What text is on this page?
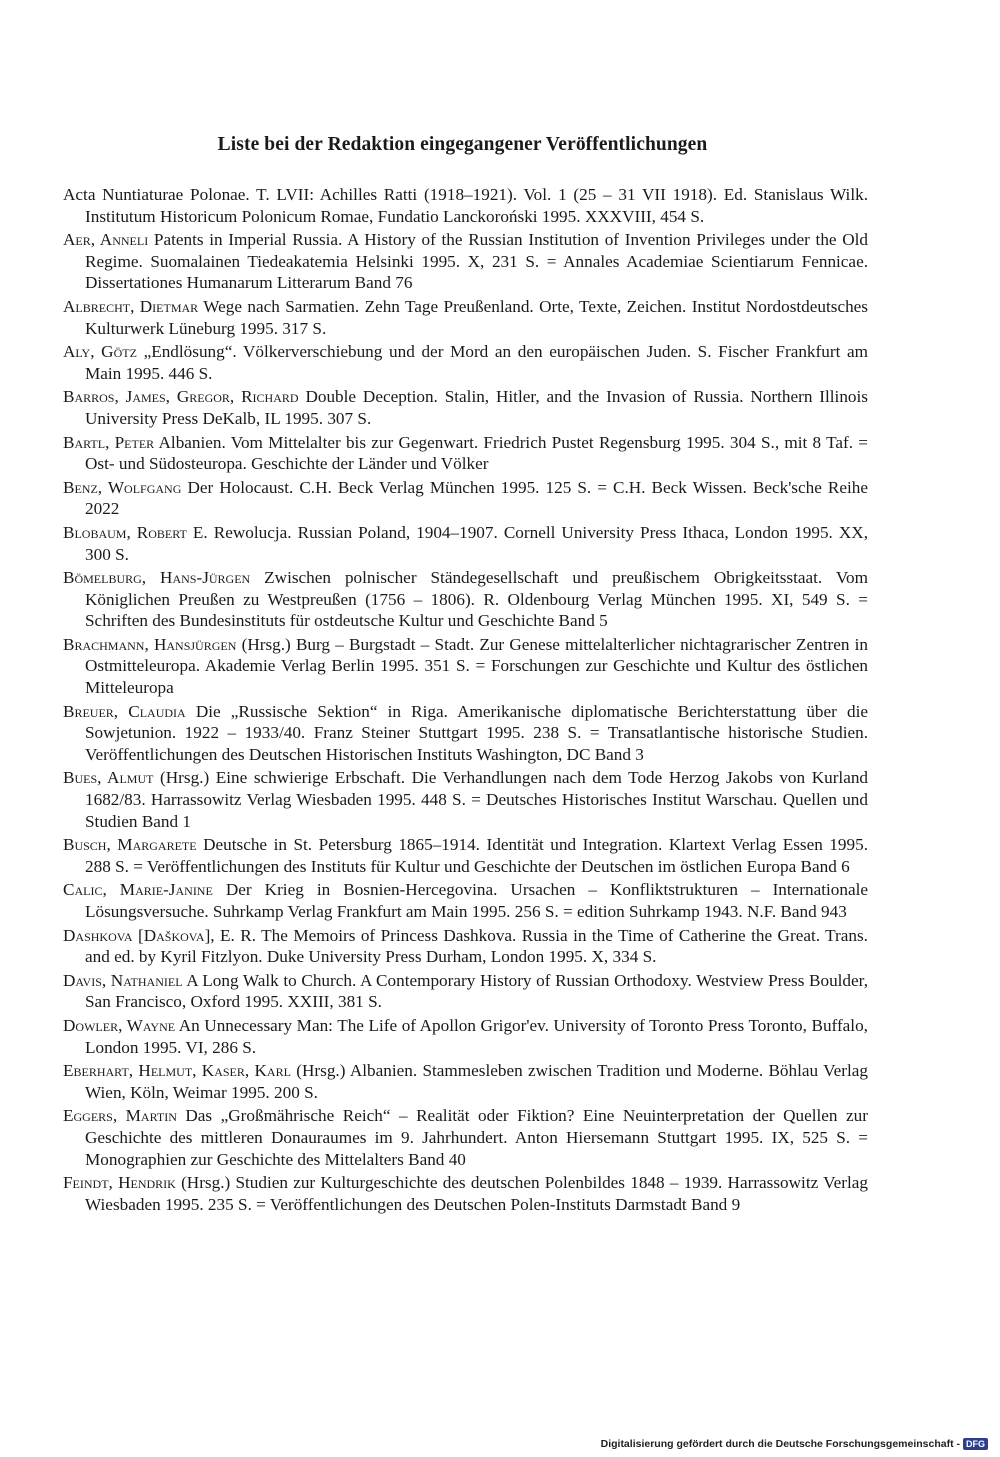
Liste bei der Redaktion eingegangener Veröffentlichungen
Acta Nuntiaturae Polonae. T. LVII: Achilles Ratti (1918–1921). Vol. 1 (25 – 31 VII 1918). Ed. Stanislaus Wilk. Institutum Historicum Polonicum Romae, Fundatio Lanckoroński 1995. XXXVIII, 454 S.
Aer, Anneli Patents in Imperial Russia. A History of the Russian Institution of Invention Privileges under the Old Regime. Suomalainen Tiedeakatemia Helsinki 1995. X, 231 S. = Annales Academiae Scientiarum Fennicae. Dissertationes Humanarum Litterarum Band 76
Albrecht, Dietmar Wege nach Sarmatien. Zehn Tage Preußenland. Orte, Texte, Zeichen. Institut Nordostdeutsches Kulturwerk Lüneburg 1995. 317 S.
Aly, Götz „Endlösung“. Völkerverschiebung und der Mord an den europäischen Juden. S. Fischer Frankfurt am Main 1995. 446 S.
Barros, James, Gregor, Richard Double Deception. Stalin, Hitler, and the Invasion of Russia. Northern Illinois University Press DeKalb, IL 1995. 307 S.
Bartl, Peter Albanien. Vom Mittelalter bis zur Gegenwart. Friedrich Pustet Regensburg 1995. 304 S., mit 8 Taf. = Ost- und Südosteuropa. Geschichte der Länder und Völker
Benz, Wolfgang Der Holocaust. C.H. Beck Verlag München 1995. 125 S. = C.H. Beck Wissen. Beck'sche Reihe 2022
Blobaum, Robert E. Rewolucja. Russian Poland, 1904–1907. Cornell University Press Ithaca, London 1995. XX, 300 S.
Bömelburg, Hans-Jürgen Zwischen polnischer Ständegesellschaft und preußischem Obrigkeitsstaat. Vom Königlichen Preußen zu Westpreußen (1756 – 1806). R. Oldenbourg Verlag München 1995. XI, 549 S. = Schriften des Bundesinstituts für ostdeutsche Kultur und Geschichte Band 5
Brachmann, Hansjürgen (Hrsg.) Burg – Burgstadt – Stadt. Zur Genese mittelalterlicher nichtagrarischer Zentren in Ostmitteleuropa. Akademie Verlag Berlin 1995. 351 S. = Forschungen zur Geschichte und Kultur des östlichen Mitteleuropa
Breuer, Claudia Die „Russische Sektion“ in Riga. Amerikanische diplomatische Berichterstattung über die Sowjetunion. 1922 – 1933/40. Franz Steiner Stuttgart 1995. 238 S. = Transatlantische historische Studien. Veröffentlichungen des Deutschen Historischen Instituts Washington, DC Band 3
Bues, Almut (Hrsg.) Eine schwierige Erbschaft. Die Verhandlungen nach dem Tode Herzog Jakobs von Kurland 1682/83. Harrassowitz Verlag Wiesbaden 1995. 448 S. = Deutsches Historisches Institut Warschau. Quellen und Studien Band 1
Busch, Margarete Deutsche in St. Petersburg 1865–1914. Identität und Integration. Klartext Verlag Essen 1995. 288 S. = Veröffentlichungen des Instituts für Kultur und Geschichte der Deutschen im östlichen Europa Band 6
Calic, Marie-Janine Der Krieg in Bosnien-Hercegovina. Ursachen – Konfliktstrukturen – Internationale Lösungsversuche. Suhrkamp Verlag Frankfurt am Main 1995. 256 S. = edition Suhrkamp 1943. N.F. Band 943
Dashkova [Daškova], E. R. The Memoirs of Princess Dashkova. Russia in the Time of Catherine the Great. Trans. and ed. by Kyril Fitzlyon. Duke University Press Durham, London 1995. X, 334 S.
Davis, Nathaniel A Long Walk to Church. A Contemporary History of Russian Orthodoxy. Westview Press Boulder, San Francisco, Oxford 1995. XXIII, 381 S.
Dowler, Wayne An Unnecessary Man: The Life of Apollon Grigor'ev. University of Toronto Press Toronto, Buffalo, London 1995. VI, 286 S.
Eberhart, Helmut, Kaser, Karl (Hrsg.) Albanien. Stammesleben zwischen Tradition und Moderne. Böhlau Verlag Wien, Köln, Weimar 1995. 200 S.
Eggers, Martin Das „Großmährische Reich“ – Realität oder Fiktion? Eine Neuinterpretation der Quellen zur Geschichte des mittleren Donauraumes im 9. Jahrhundert. Anton Hiersemann Stuttgart 1995. IX, 525 S. = Monographien zur Geschichte des Mittelalters Band 40
Feindt, Hendrik (Hrsg.) Studien zur Kulturgeschichte des deutschen Polenbildes 1848 – 1939. Harrassowitz Verlag Wiesbaden 1995. 235 S. = Veröffentlichungen des Deutschen Polen-Instituts Darmstadt Band 9
Digitalisierung gefördert durch die Deutsche Forschungsgemeinschaft - DFG
